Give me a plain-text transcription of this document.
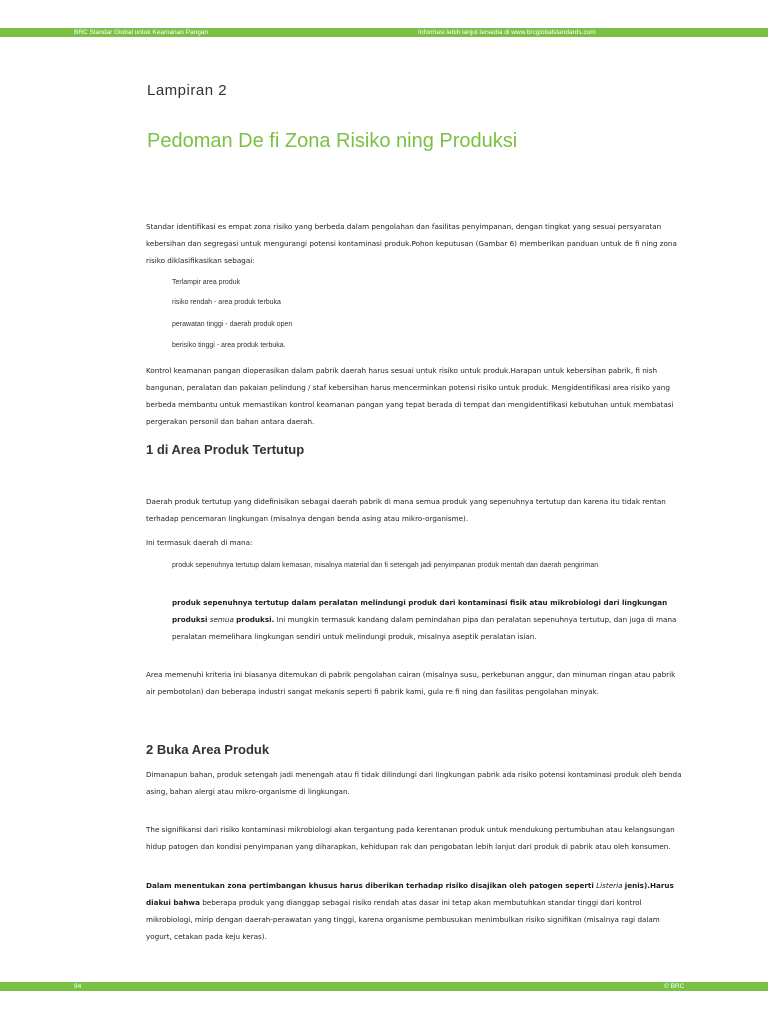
BRC Standar Global untuk Keamanan Pangan	Informasi lebih lanjut tersedia di www.brcglobalstandards.com
Lampiran 2
Pedoman De fi Zona Risiko ning Produksi
Standar identifikasi es empat zona risiko yang berbeda dalam pengolahan dan fasilitas penyimpanan, dengan tingkat yang sesuai persyaratan kebersihan dan segregasi untuk mengurangi potensi kontaminasi produk.Pohon keputusan (Gambar 6) memberikan panduan untuk de fi ning zona risiko diklasifikasikan sebagai:
Terlampir area produk
risiko rendah - area produk terbuka
perawatan tinggi - daerah produk open
berisiko tinggi - area produk terbuka.
Kontrol keamanan pangan dioperasikan dalam pabrik daerah harus sesuai untuk risiko untuk produk.Harapan untuk kebersihan pabrik, fi nish bangunan, peralatan dan pakaian pelindung / staf kebersihan harus mencerminkan potensi risiko untuk produk. Mengidentifikasi area risiko yang berbeda membantu untuk memastikan kontrol keamanan pangan yang tepat berada di tempat dan mengidentifikasi kebutuhan untuk membatasi pergerakan personil dan bahan antara daerah.
1 di Area Produk Tertutup
Daerah produk tertutup yang didefinisikan sebagai daerah pabrik di mana semua produk yang sepenuhnya tertutup dan karena itu tidak rentan terhadap pencemaran lingkungan (misalnya dengan benda asing atau mikro-organisme).
Ini termasuk daerah di mana:
produk sepenuhnya tertutup dalam kemasan, misalnya material dan fi setengah jadi penyimpanan produk mentah dan daerah pengiriman
produk sepenuhnya tertutup dalam peralatan melindungi produk dari kontaminasi fisik atau mikrobiologi dari lingkungan produksi semua produksi. Ini mungkin termasuk kandang dalam pemindahan pipa dan peralatan sepenuhnya tertutup, dan juga di mana peralatan memelihara lingkungan sendiri untuk melindungi produk, misalnya aseptik peralatan isian.
Area memenuhi kriteria ini biasanya ditemukan di pabrik pengolahan cairan (misalnya susu, perkebunan anggur, dan minuman ringan atau pabrik air pembotolan) dan beberapa industri sangat mekanis seperti fi pabrik kami, gula re fi ning dan fasilitas pengolahan minyak.
2 Buka Area Produk
Dimanapun bahan, produk setengah jadi menengah atau fi tidak dilindungi dari lingkungan pabrik ada risiko potensi kontaminasi produk oleh benda asing, bahan alergi atau mikro-organisme di lingkungan.
The signifikansi dari risiko kontaminasi mikrobiologi akan tergantung pada kerentanan produk untuk mendukung pertumbuhan atau kelangsungan hidup patogen dan kondisi penyimpanan yang diharapkan, kehidupan rak dan pengobatan lebih lanjut dari produk di pabrik atau oleh konsumen.
Dalam menentukan zona pertimbangan khusus harus diberikan terhadap risiko disajikan oleh patogen seperti Listeria jenis).Harus diakui bahwa beberapa produk yang dianggap sebagai risiko rendah atas dasar ini tetap akan membutuhkan standar tinggi dari kontrol mikrobiologi, mirip dengan daerah-perawatan yang tinggi, karena organisme pembusukan menimbulkan risiko signifikan (misalnya ragi dalam yogurt, cetakan pada keju keras).
94	© BRC
